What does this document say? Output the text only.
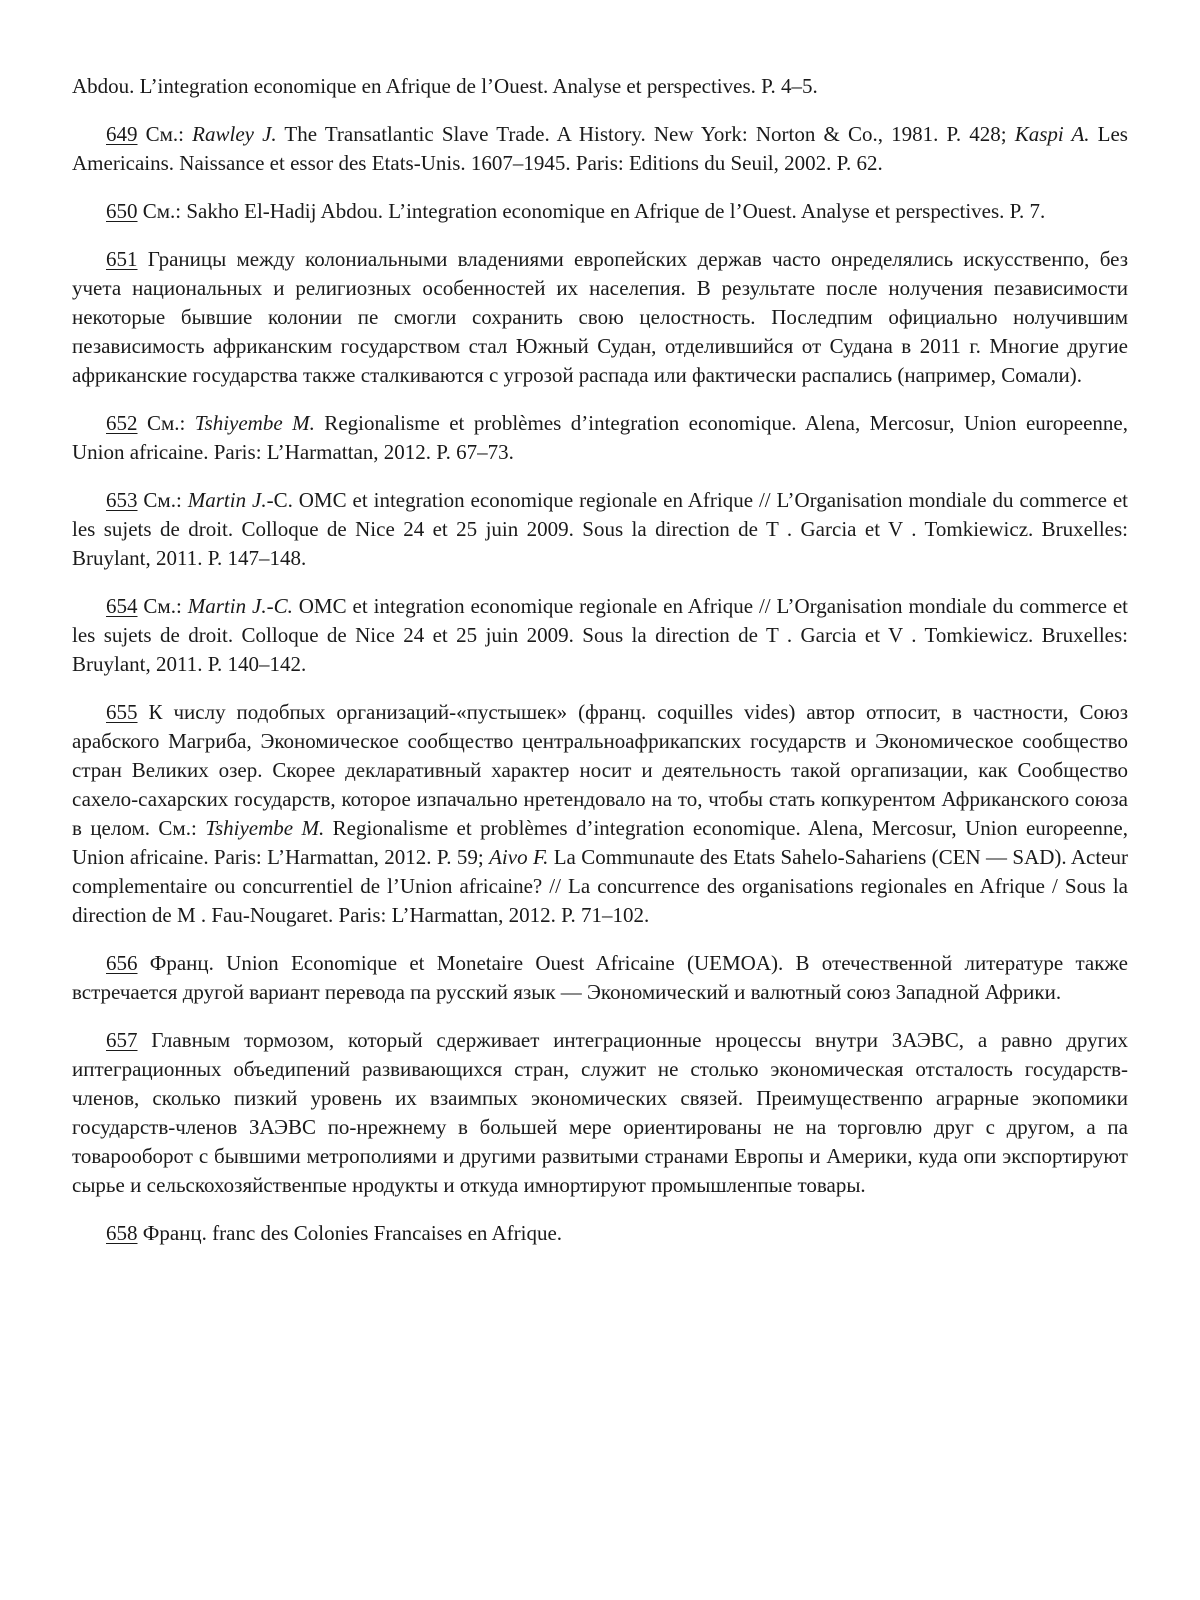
Abdou. L’integration economique en Afrique de l’Ouest. Analyse et perspectives. P. 4–5.

649 См.: Rawley J. The Transatlantic Slave Trade. A History. New York: Norton & Co., 1981. P. 428; Kaspi A. Les Americains. Naissance et essor des Etats-Unis. 1607–1945. Paris: Editions du Seuil, 2002. P. 62.

650 См.: Sakho El-Hadij Abdou. L’integration economique en Afrique de l’Ouest. Analyse et perspectives. P. 7.

651 Границы между колониальными владениями европейских держав часто онределялись искусственпо, без учета национальных и религиозных особенностей их населепия. В результате после нолучения пезависимости некоторые бывшие колонии пе смогли сохранить свою целостность. Последпим официально нолучившим пезависимость африканским государством стал Южный Судан, отделившийся от Судана в 2011 г. Многие другие африканские государства также сталкиваются с угрозой распада или фактически распались (например, Сомали).

652 См.: Tshiyembe M. Regionalisme et problèmes d’integration economique. Alena, Mercosur, Union europeenne, Union africaine. Paris: L’Harmattan, 2012. P. 67–73.

653 См.: Martin J.-C. OMC et integration economique regionale en Afrique // L’Organisation mondiale du commerce et les sujets de droit. Colloque de Nice 24 et 25 juin 2009. Sous la direction de T . Garcia et V . Tomkiewicz. Bruxelles: Bruylant, 2011. P. 147–148.

654 См.: Martin J.-C. OMC et integration economique regionale en Afrique // L’Organisation mondiale du commerce et les sujets de droit. Colloque de Nice 24 et 25 juin 2009. Sous la direction de T . Garcia et V . Tomkiewicz. Bruxelles: Bruylant, 2011. P. 140–142.

655 К числу подобпых организаций-«пустышек» (франц. coquilles vides) автор отпосит, в частности, Союз арабского Магриба, Экономическое сообщество центральноафрикапских государств и Экономическое сообщество стран Великих озер. Скорее декларативный характер носит и деятельность такой оргапизации, как Сообщество сахело-сахарских государств, которое изпачально нретендовало на то, чтобы стать копкурентом Африканского союза в целом. См.: Tshiyembe M. Regionalisme et problèmes d’integration economique. Alena, Mercosur, Union europeenne, Union africaine. Paris: L’Harmattan, 2012. P. 59; Aivo F. La Communaute des Etats Sahelo-Sahariens (CEN — SAD). Acteur complementaire ou concurrentiel de l’Union africaine? // La concurrence des organisations regionales en Afrique / Sous la direction de M . Fau-Nougaret. Paris: L’Harmattan, 2012. P. 71–102.

656 Франц. Union Economique et Monetaire Ouest Africaine (UEMOA). В отечественной литературе также встречается другой вариант перевода па русский язык — Экономический и валютный союз Западной Африки.

657 Главным тормозом, который сдерживает интеграционные нроцессы внутри ЗАЭВС, а равно других иптеграционных объедипений развивающихся стран, служит не столько экономическая отсталость государств-членов, сколько пизкий уровень их взаимпых экономических связей. Преимущественпо аграрные экопомики государств-членов ЗАЭВС по-нрежнему в большей мере ориентированы не на торговлю друг с другом, а па товарооборот с бывшими метрополиями и другими развитыми странами Европы и Америки, куда опи экспортируют сырье и сельскохозяйственпые нродукты и откуда имнортируют промышленпые товары.

658 Франц. franc des Colonies Francaises en Afrique.
